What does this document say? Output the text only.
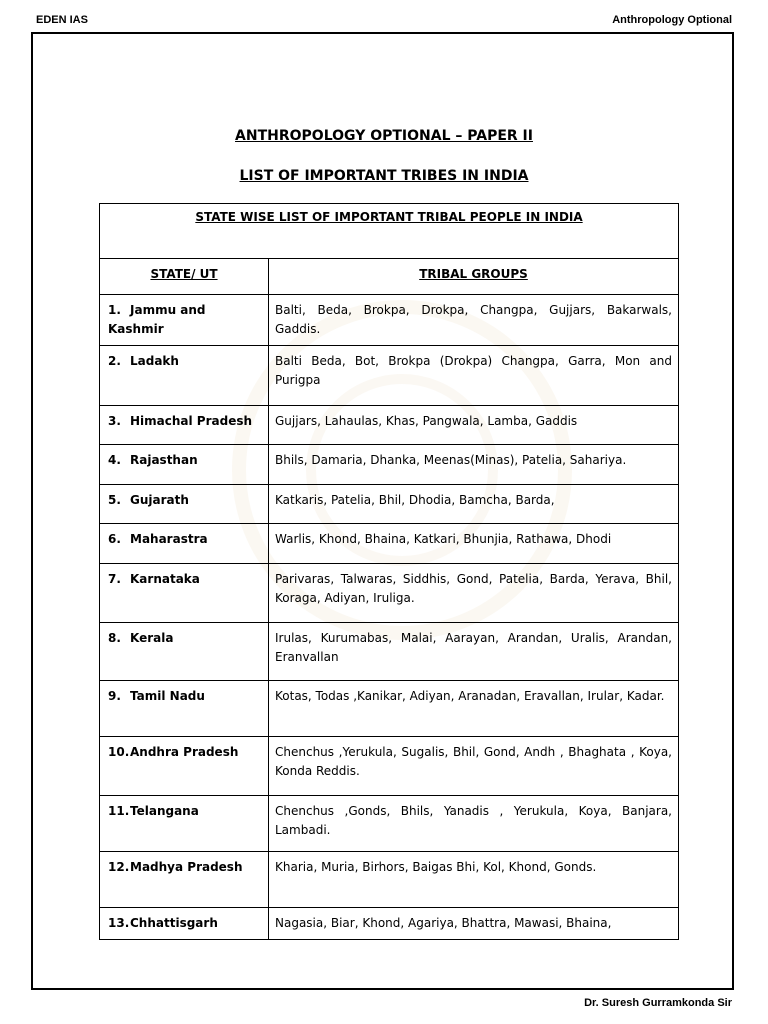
EDEN IAS	Anthropology Optional
ANTHROPOLOGY OPTIONAL – PAPER II
LIST OF IMPORTANT TRIBES IN INDIA
STATE WISE LIST OF IMPORTANT TRIBAL PEOPLE IN INDIA	
STATE/ UT	TRIBAL GROUPS
1. Jammu and Kashmir	Balti, Beda, Brokpa, Drokpa, Changpa, Gujjars, Bakarwals, Gaddis.
2. Ladakh	Balti Beda, Bot, Brokpa (Drokpa) Changpa, Garra, Mon and Purigpa
3. Himachal Pradesh	Gujjars, Lahaulas, Khas, Pangwala, Lamba, Gaddis
4. Rajasthan	Bhils, Damaria, Dhanka, Meenas(Minas), Patelia, Sahariya.
5. Gujarath	Katkaris, Patelia, Bhil, Dhodia, Bamcha, Barda,
6. Maharastra	Warlis, Khond, Bhaina, Katkari, Bhunjia, Rathawa, Dhodi
7. Karnataka	Parivaras, Talwaras, Siddhis, Gond, Patelia, Barda, Yerava, Bhil, Koraga, Adiyan, Iruliga.
8. Kerala	Irulas, Kurumabas, Malai, Aarayan, Arandan, Uralis, Arandan, Eranvallan
9. Tamil Nadu	Kotas, Todas ,Kanikar, Adiyan, Aranadan, Eravallan, Irular, Kadar.
10.Andhra Pradesh	Chenchus ,Yerukula, Sugalis, Bhil, Gond, Andh , Bhaghata , Koya, Konda Reddis.
11.Telangana	Chenchus ,Gonds, Bhils, Yanadis , Yerukula, Koya, Banjara, Lambadi.
12.Madhya Pradesh	Kharia, Muria, Birhors, Baigas Bhi, Kol, Khond, Gonds.
13.Chhattisgarh	Nagasia, Biar, Khond, Agariya, Bhattra, Mawasi, Bhaina,
Dr. Suresh Gurramkonda Sir
